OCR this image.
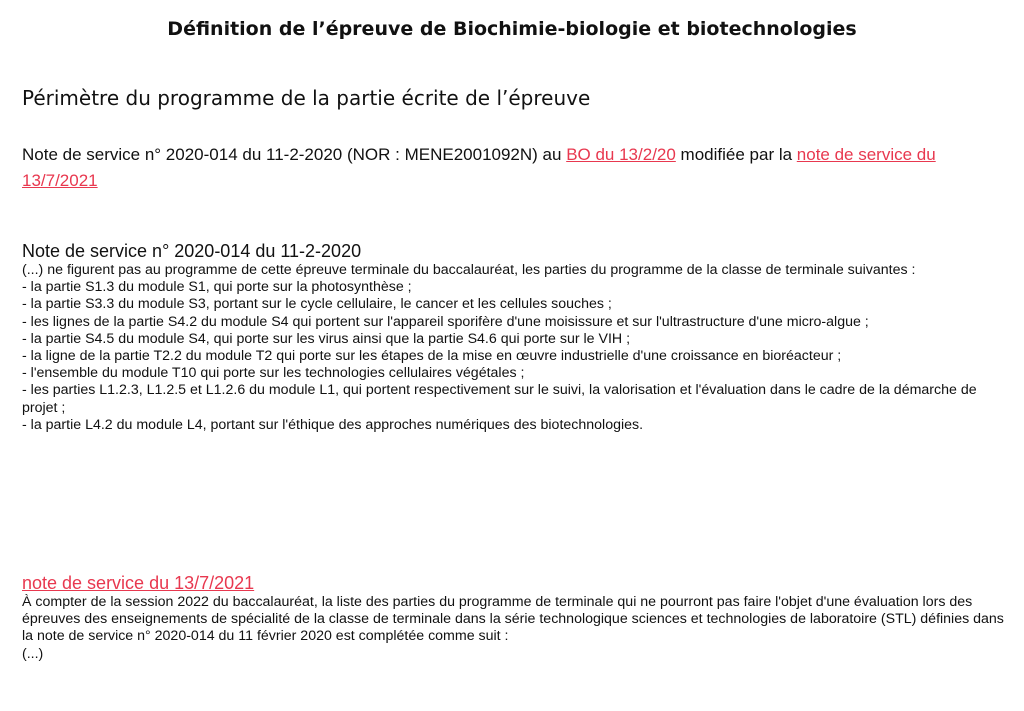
Définition de l’épreuve de Biochimie-biologie et biotechnologies
Périmètre du programme de la partie écrite de l’épreuve
Note de service n° 2020-014 du 11-2-2020 (NOR : MENE2001092N) au BO du 13/2/20 modifiée par la note de service du 13/7/2021
Note de service n° 2020-014 du 11-2-2020
(...) ne figurent pas au programme de cette épreuve terminale du baccalauréat, les parties du programme de la classe de terminale suivantes :
- la partie S1.3 du module S1, qui porte sur la photosynthèse ;
- la partie S3.3 du module S3, portant sur le cycle cellulaire, le cancer et les cellules souches ;
- les lignes de la partie S4.2 du module S4 qui portent sur l'appareil sporifère d'une moisissure et sur l'ultrastructure d'une micro-algue ;
- la partie S4.5 du module S4, qui porte sur les virus ainsi que la partie S4.6 qui porte sur le VIH ;
- la ligne de la partie T2.2 du module T2 qui porte sur les étapes de la mise en œuvre industrielle d'une croissance en bioréacteur ;
- l'ensemble du module T10 qui porte sur les technologies cellulaires végétales ;
- les parties L1.2.3, L1.2.5 et L1.2.6 du module L1, qui portent respectivement sur le suivi, la valorisation et l'évaluation dans le cadre de la démarche de projet ;
- la partie L4.2 du module L4, portant sur l'éthique des approches numériques des biotechnologies.
note de service du 13/7/2021
À compter de la session 2022 du baccalauréat, la liste des parties du programme de terminale qui ne pourront pas faire l'objet d'une évaluation lors des épreuves des enseignements de spécialité de la classe de terminale dans la série technologique sciences et technologies de laboratoire (STL) définies dans la note de service n° 2020-014 du 11 février 2020 est complétée comme suit :
(...)
